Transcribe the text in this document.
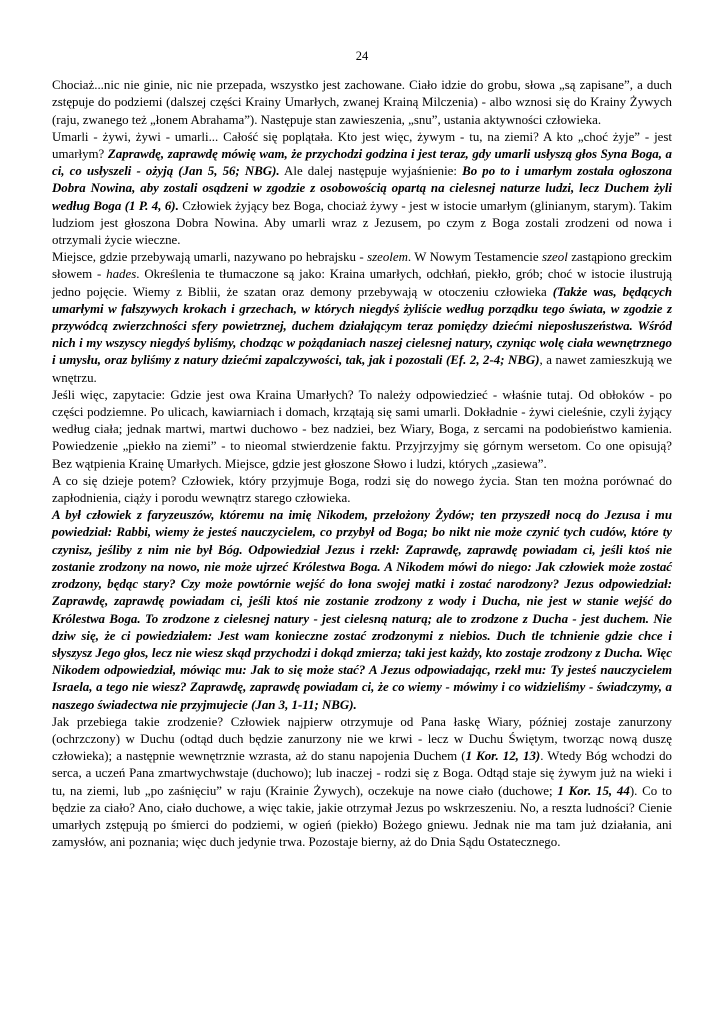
24

Chociaż...nic nie ginie, nic nie przepada, wszystko jest zachowane. Ciało idzie do grobu, słowa „są zapisane”, a duch zstępuje do podziemi (dalszej części Krainy Umarłych, zwanej Krainą Milczenia) - albo wznosi się do Krainy Żywych (raju, zwanego też „łonem Abrahama”). Następuje stan zawieszenia, „snu”, ustania aktywności człowieka.

Umarli - żywi, żywi - umarli... Całość się poplątała. Kto jest więc, żywym - tu, na ziemi? A kto „choć żyje” - jest umarłym? Zaprawdę, zaprawdę mówię wam, że przychodzi godzina i jest teraz, gdy umarli usłyszą głos Syna Boga, a ci, co usłyszeli - ożyją (Jan 5, 56; NBG). Ale dalej następuje wyjaśnienie: Bo po to i umarłym została ogłoszona Dobra Nowina, aby zostali osądzeni w zgodzie z osobowością opartą na cielesnej naturze ludzi, lecz Duchem żyli według Boga (1 P. 4, 6). Człowiek żyjący bez Boga, chociaż żywy - jest w istocie umarłym (glinianym, starym). Takim ludziom jest głoszona Dobra Nowina. Aby umarli wraz z Jezusem, po czym z Boga zostali zrodzeni od nowa i otrzymali życie wieczne.

Miejsce, gdzie przebywają umarli, nazywano po hebrajsku - szeolem. W Nowym Testamencie szeol zastąpiono greckim słowem - hades. Określenia te tłumaczone są jako: Kraina umarłych, odchłań, piekło, grób; choć w istocie ilustrują jedno pojęcie. Wiemy z Biblii, że szatan oraz demony przebywają w otoczeniu człowieka (Także was, będących umarłymi w fałszywych krokach i grzechach, w których niegdyś żyliście według porządku tego świata, w zgodzie z przywódcą zwierzchności sfery powietrznej, duchem działającym teraz pomiędzy dziećmi nieposłuszeństwa. Wśród nich i my wszyscy niegdyś byliśmy, chodząc w pożądaniach naszej cielesnej natury, czyniąc wolę ciała wewnętrznego i umysłu, oraz byliśmy z natury dziećmi zapalczywości, tak, jak i pozostali (Ef. 2, 2-4; NBG), a nawet zamieszkują we wnętrzu.

Jeśli więc, zapytacie: Gdzie jest owa Kraina Umarłych? To należy odpowiedzieć - właśnie tutaj. Od obłoków - po części podziemne. Po ulicach, kawiarniach i domach, krzątają się sami umarli. Dokładnie - żywi cieleśnie, czyli żyjący według ciała; jednak martwi, martwi duchowo - bez nadziei, bez Wiary, Boga, z sercami na podobieństwo kamienia. Powiedzenie „piekło na ziemi” - to nieomal stwierdzenie faktu. Przyjrzyjmy się górnym wersetom. Co one opisują? Bez wątpienia Krainę Umarłych. Miejsce, gdzie jest głoszone Słowo i ludzi, których „zasiewa”.

A co się dzieje potem? Człowiek, który przyjmuje Boga, rodzi się do nowego życia. Stan ten można porównać do zapłodnienia, ciąży i porodu wewnątrz starego człowieka.

A był człowiek z faryzeuszów, któremu na imię Nikodem, przełożony Żydów; ten przyszedł nocą do Jezusa i mu powiedział: Rabbi, wiemy że jesteś nauczycielem, co przybył od Boga; bo nikt nie może czynić tych cudów, które ty czynisz, jeśliby z nim nie był Bóg. Odpowiedział Jezus i rzekł: Zaprawdę, zaprawdę powiadam ci, jeśli ktoś nie zostanie zrodzony na nowo, nie może ujrzeć Królestwa Boga. A Nikodem mówi do niego: Jak człowiek może zostać zrodzony, będąc stary? Czy może powtórnie wejść do łona swojej matki i zostać narodzony? Jezus odpowiedział: Zaprawdę, zaprawdę powiadam ci, jeśli ktoś nie zostanie zrodzony z wody i Ducha, nie jest w stanie wejść do Królestwa Boga. To zrodzone z cielesnej natury - jest cielesną naturą; ale to zrodzone z Ducha - jest duchem. Nie dziw się, że ci powiedziałem: Jest wam konieczne zostać zrodzonymi z niebios. Duch tle tchnienie gdzie chce i słyszysz Jego głos, lecz nie wiesz skąd przychodzi i dokąd zmierza; taki jest każdy, kto zostaje zrodzony z Ducha. Więc Nikodem odpowiedział, mówiąc mu: Jak to się może stać? A Jezus odpowiadając, rzekł mu: Ty jesteś nauczycielem Israela, a tego nie wiesz? Zaprawdę, zaprawdę powiadam ci, że co wiemy - mówimy i co widzieliśmy - świadczymy, a naszego świadectwa nie przyjmujecie (Jan 3, 1-11; NBG).

Jak przebiega takie zrodzenie? Człowiek najpierw otrzymuje od Pana łaskę Wiary, później zostaje zanurzony (ochrzczony) w Duchu (odtąd duch będzie zanurzony nie we krwi - lecz w Duchu Świętym, tworząc nową duszę człowieka); a następnie wewnętrznie wzrasta, aż do stanu napojenia Duchem (1 Kor. 12, 13). Wtedy Bóg wchodzi do serca, a uczeń Pana zmartwychwstaje (duchowo); lub inaczej - rodzi się z Boga. Odtąd staje się żywym już na wieki i tu, na ziemi, lub „po zaśnięciu” w raju (Krainie Żywych), oczekuje na nowe ciało (duchowe; 1 Kor. 15, 44). Co to będzie za ciało? Ano, ciało duchowe, a więc takie, jakie otrzymał Jezus po wskrzeszeniu. No, a reszta ludności? Cienie umarłych zstępują po śmierci do podziemi, w ogień (piekło) Bożego gniewu. Jednak nie ma tam już działania, ani zamysłów, ani poznania; więc duch jedynie trwa. Pozostaje bierny, aż do Dnia Sądu Ostatecznego.
